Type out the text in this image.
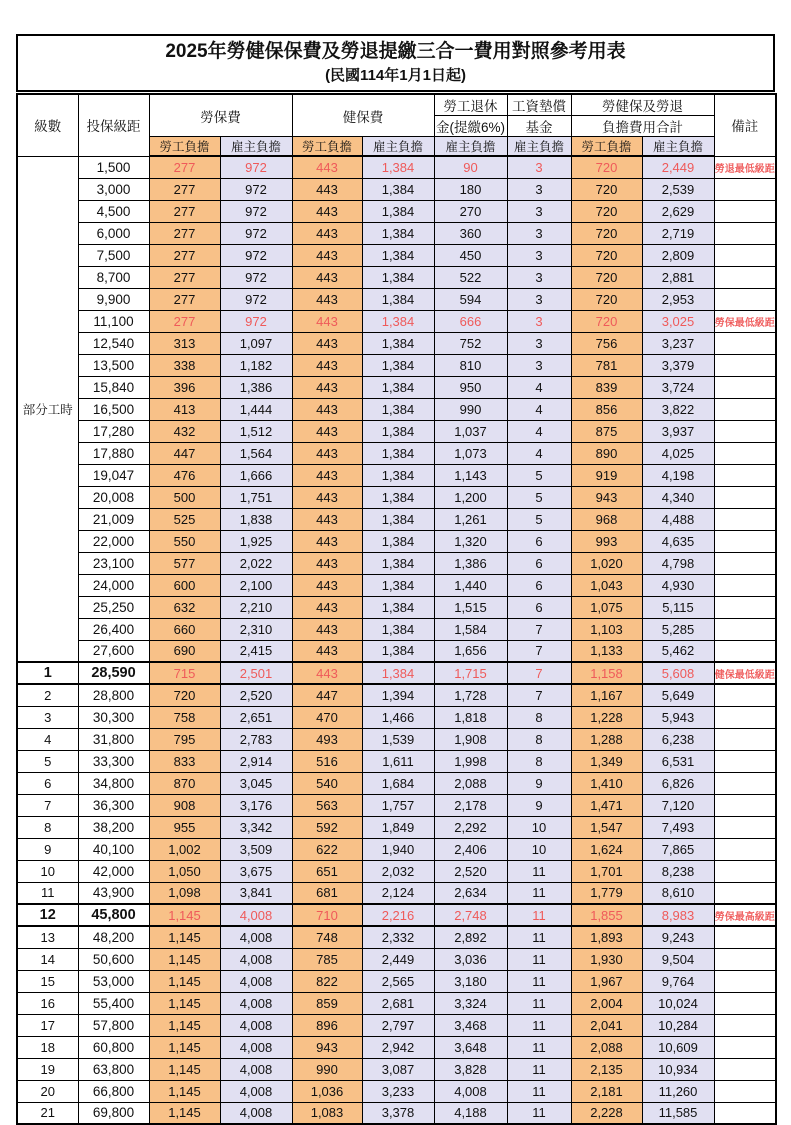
2025年勞健保保費及勞退提繳三合一費用對照參考用表
(民國114年1月1日起)
級數	投保級距	勞保費		健保費		勞工退休	工資墊償	勞健保及勞退		備註
						金(提繳6%)	基金	負擔費用合計		
		勞工負擔	雇主負擔	勞工負擔	雇主負擔	雇主負擔	雇主負擔	勞工負擔	雇主負擔	
部分工時	1,500	277	972	443	1,384	90	3	720	2,449	勞退最低級距
	3,000	277	972	443	1,384	180	3	720	2,539	
	4,500	277	972	443	1,384	270	3	720	2,629	
	6,000	277	972	443	1,384	360	3	720	2,719	
	7,500	277	972	443	1,384	450	3	720	2,809	
	8,700	277	972	443	1,384	522	3	720	2,881	
	9,900	277	972	443	1,384	594	3	720	2,953	
	11,100	277	972	443	1,384	666	3	720	3,025	勞保最低級距
	12,540	313	1,097	443	1,384	752	3	756	3,237	
	13,500	338	1,182	443	1,384	810	3	781	3,379	
	15,840	396	1,386	443	1,384	950	4	839	3,724	
	16,500	413	1,444	443	1,384	990	4	856	3,822	
	17,280	432	1,512	443	1,384	1,037	4	875	3,937	
	17,880	447	1,564	443	1,384	1,073	4	890	4,025	
	19,047	476	1,666	443	1,384	1,143	5	919	4,198	
	20,008	500	1,751	443	1,384	1,200	5	943	4,340	
	21,009	525	1,838	443	1,384	1,261	5	968	4,488	
	22,000	550	1,925	443	1,384	1,320	6	993	4,635	
	23,100	577	2,022	443	1,384	1,386	6	1,020	4,798	
	24,000	600	2,100	443	1,384	1,440	6	1,043	4,930	
	25,250	632	2,210	443	1,384	1,515	6	1,075	5,115	
	26,400	660	2,310	443	1,384	1,584	7	1,103	5,285	
	27,600	690	2,415	443	1,384	1,656	7	1,133	5,462	
1	28,590	715	2,501	443	1,384	1,715	7	1,158	5,608	健保最低級距
2	28,800	720	2,520	447	1,394	1,728	7	1,167	5,649	
3	30,300	758	2,651	470	1,466	1,818	8	1,228	5,943	
4	31,800	795	2,783	493	1,539	1,908	8	1,288	6,238	
5	33,300	833	2,914	516	1,611	1,998	8	1,349	6,531	
6	34,800	870	3,045	540	1,684	2,088	9	1,410	6,826	
7	36,300	908	3,176	563	1,757	2,178	9	1,471	7,120	
8	38,200	955	3,342	592	1,849	2,292	10	1,547	7,493	
9	40,100	1,002	3,509	622	1,940	2,406	10	1,624	7,865	
10	42,000	1,050	3,675	651	2,032	2,520	11	1,701	8,238	
11	43,900	1,098	3,841	681	2,124	2,634	11	1,779	8,610	
12	45,800	1,145	4,008	710	2,216	2,748	11	1,855	8,983	勞保最高級距
13	48,200	1,145	4,008	748	2,332	2,892	11	1,893	9,243	
14	50,600	1,145	4,008	785	2,449	3,036	11	1,930	9,504	
15	53,000	1,145	4,008	822	2,565	3,180	11	1,967	9,764	
16	55,400	1,145	4,008	859	2,681	3,324	11	2,004	10,024	
17	57,800	1,145	4,008	896	2,797	3,468	11	2,041	10,284	
18	60,800	1,145	4,008	943	2,942	3,648	11	2,088	10,609	
19	63,800	1,145	4,008	990	3,087	3,828	11	2,135	10,934	
20	66,800	1,145	4,008	1,036	3,233	4,008	11	2,181	11,260	
21	69,800	1,145	4,008	1,083	3,378	4,188	11	2,228	11,585	
